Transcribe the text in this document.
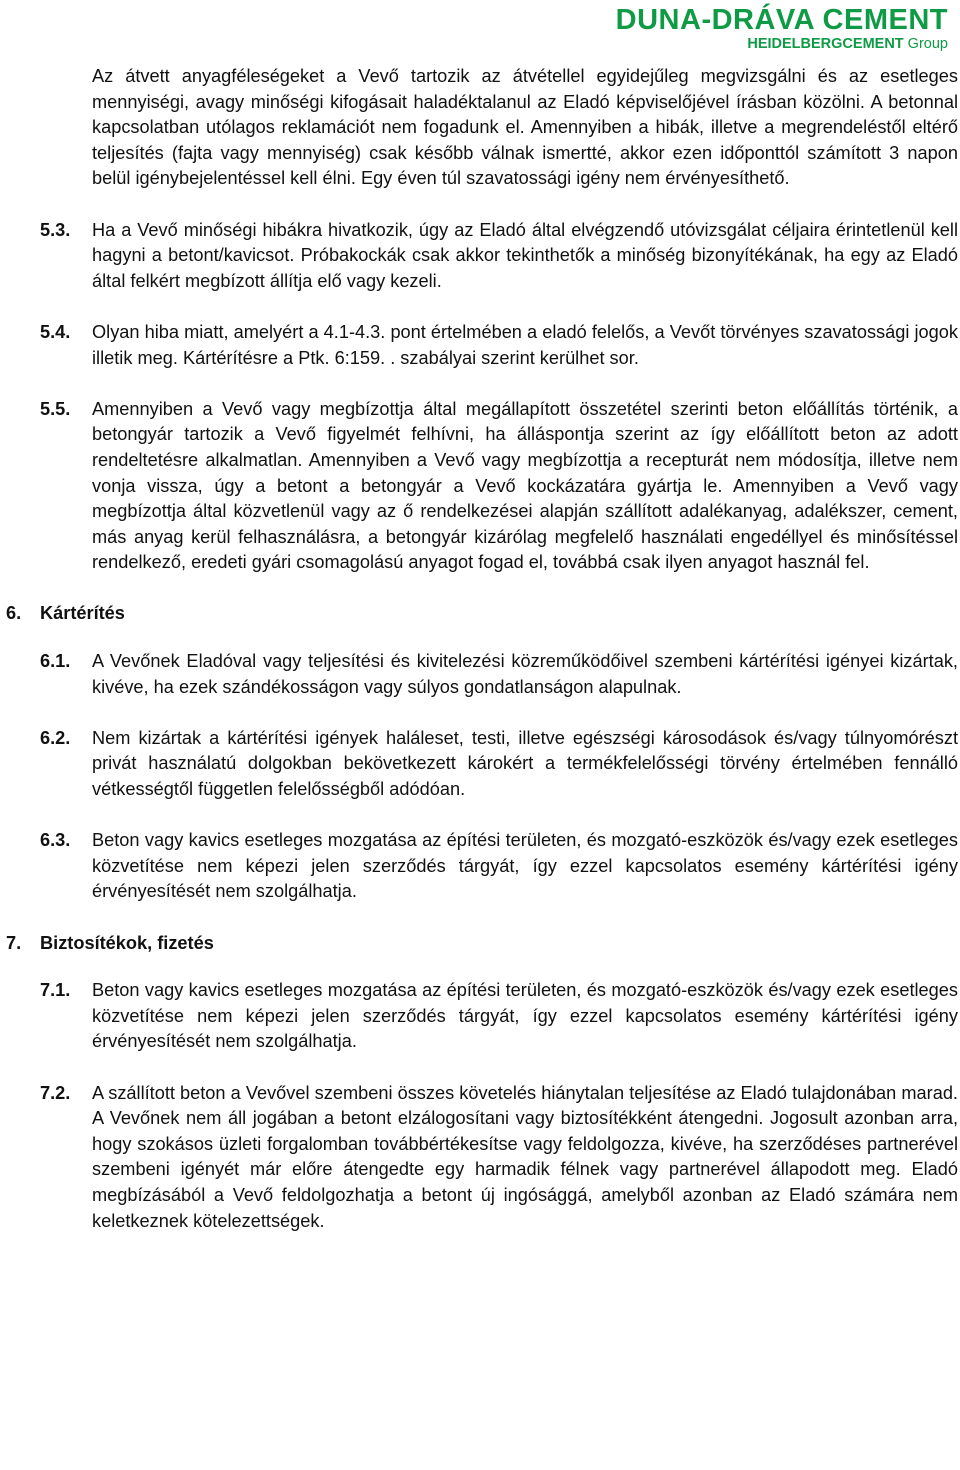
DUNA-DRÁVA CEMENT
HEIDELBERGCEMENT Group
Az átvett anyagféleségeket a Vevő tartozik az átvétellel egyidejűleg megvizsgálni és az esetleges mennyiségi, avagy minőségi kifogásait haladéktalanul az Eladó képviselőjével írásban közölni. A betonnal kapcsolatban utólagos reklamációt nem fogadunk el. Amennyiben a hibák, illetve a megrendeléstől eltérő teljesítés (fajta vagy mennyiség) csak később válnak ismertté, akkor ezen időponttól számított 3 napon belül igénybejelentéssel kell élni. Egy éven túl szavatossági igény nem érvényesíthető.
5.3.	Ha a Vevő minőségi hibákra hivatkozik, úgy az Eladó által elvégzendő utóvizsgálat céljaira érintetlenül kell hagyni a betont/kavicsot. Próbakockák csak akkor tekinthetők a minőség bizonyítékának, ha egy az Eladó által felkért megbízott állítja elő vagy kezeli.
5.4.	Olyan hiba miatt, amelyért a 4.1-4.3. pont értelmében a eladó felelős, a Vevőt törvényes szavatossági jogok illetik meg. Kártérítésre a Ptk. 6:159. . szabályai szerint kerülhet sor.
5.5.	Amennyiben a Vevő vagy megbízottja által megállapított összetétel szerinti beton előállítás történik, a betongyár tartozik a Vevő figyelmét felhívni, ha álláspontja szerint az így előállított beton az adott rendeltetésre alkalmatlan. Amennyiben a Vevő vagy megbízottja a recepturát nem módosítja, illetve nem vonja vissza, úgy a betont a betongyár a Vevő kockázatára gyártja le. Amennyiben a Vevő vagy megbízottja által közvetlenül vagy az ő rendelkezései alapján szállított adalékanyag, adalékszer, cement, más anyag kerül felhasználásra, a betongyár kizárólag megfelelő használati engedéllyel és minősítéssel rendelkező, eredeti gyári csomagolású anyagot fogad el, továbbá csak ilyen anyagot használ fel.
6.	Kártérítés
6.1.	A Vevőnek Eladóval vagy teljesítési és kivitelezési közreműködőivel szembeni kártérítési igényei kizártak, kivéve, ha ezek szándékosságon vagy súlyos gondatlanságon alapulnak.
6.2.	Nem kizártak a kártérítési igények haláleset, testi, illetve egészségi károsodások és/vagy túlnyomórészt privát használatú dolgokban bekövetkezett károkért a termékfelelősségi törvény értelmében fennálló vétkességtől független felelősségből adódóan.
6.3.	Beton vagy kavics esetleges mozgatása az építési területen, és mozgató-eszközök és/vagy ezek esetleges közvetítése nem képezi jelen szerződés tárgyát, így ezzel kapcsolatos esemény kártérítési igény érvényesítését nem szolgálhatja.
7.	Biztosítékok, fizetés
7.1.	Beton vagy kavics esetleges mozgatása az építési területen, és mozgató-eszközök és/vagy ezek esetleges közvetítése nem képezi jelen szerződés tárgyát, így ezzel kapcsolatos esemény kártérítési igény érvényesítését nem szolgálhatja.
7.2.	A szállított beton a Vevővel szembeni összes követelés hiánytalan teljesítése az Eladó tulajdonában marad. A Vevőnek nem áll jogában a betont elzálogosítani vagy biztosítékként átengedni. Jogosult azonban arra, hogy szokásos üzleti forgalomban továbbértékesítse vagy feldolgozza, kivéve, ha szerződéses partnerével szembeni igényét már előre átengedte egy harmadik félnek vagy partnerével állapodott meg. Eladó megbízásából a Vevő feldolgozhatja a betont új ingósággá, amelyből azonban az Eladó számára nem keletkeznek kötelezettségek.
